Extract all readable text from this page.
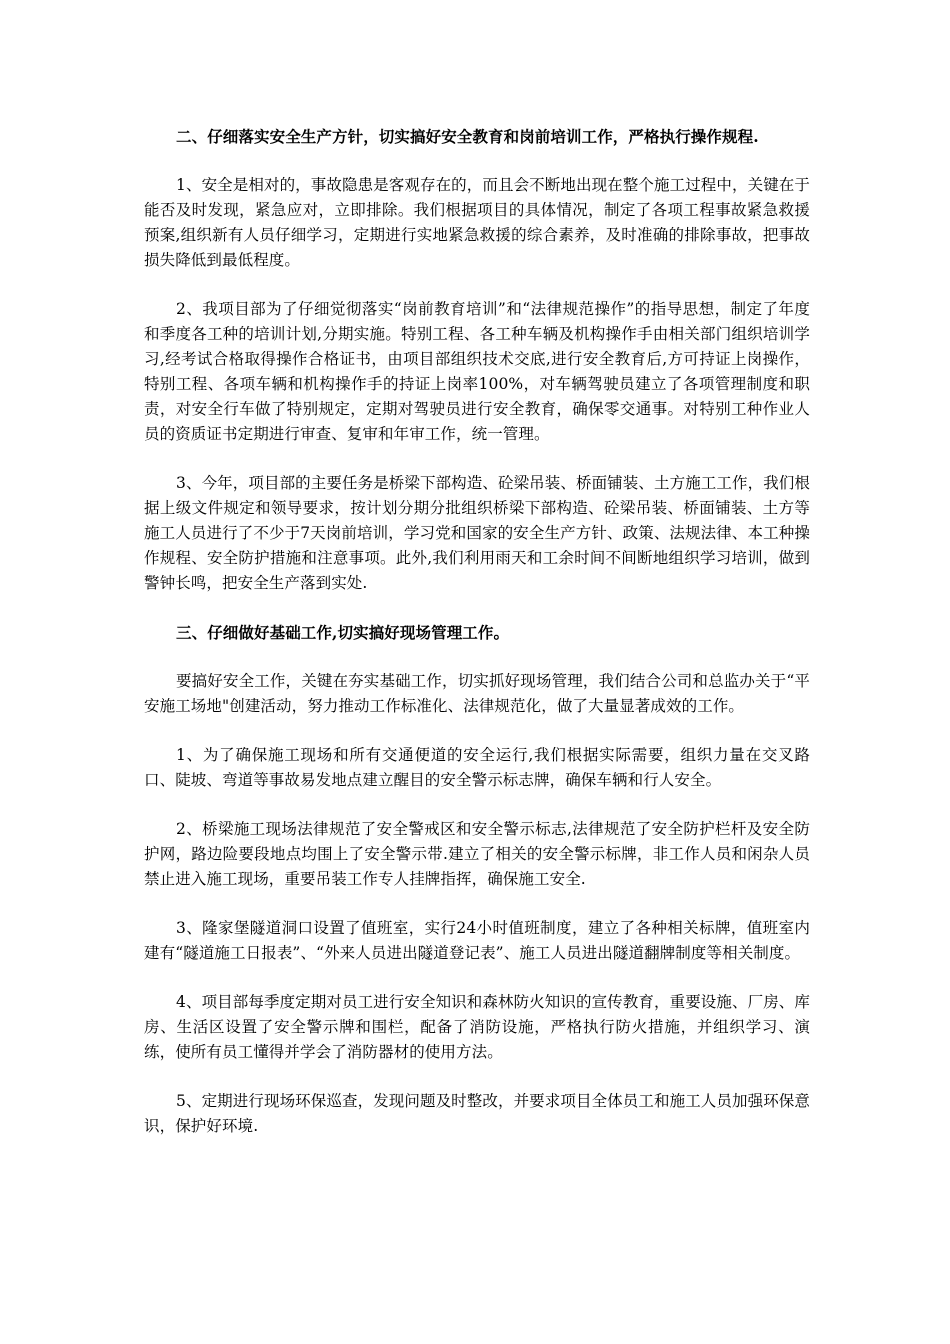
二、仔细落实安全生产方针，切实搞好安全教育和岗前培训工作，严格执行操作规程.

1、安全是相对的，事故隐患是客观存在的，而且会不断地出现在整个施工过程中，关键在于能否及时发现，紧急应对，立即排除。我们根据项目的具体情况，制定了各项工程事故紧急救援预案,组织新有人员仔细学习，定期进行实地紧急救援的综合素养，及时准确的排除事故，把事故损失降低到最低程度。

2、我项目部为了仔细觉彻落实“岗前教育培训”和“法律规范操作”的指导思想，制定了年度和季度各工种的培训计划,分期实施。特别工程、各工种车辆及机构操作手由相关部门组织培训学习,经考试合格取得操作合格证书，由项目部组织技术交底,进行安全教育后,方可持证上岗操作，特别工程、各项车辆和机构操作手的持证上岗率100%，对车辆驾驶员建立了各项管理制度和职责，对安全行车做了特别规定，定期对驾驶员进行安全教育，确保零交通事。对特别工种作业人员的资质证书定期进行审查、复审和年审工作，统一管理。

3、今年，项目部的主要任务是桥梁下部构造、砼梁吊装、桥面铺装、土方施工工作，我们根据上级文件规定和领导要求，按计划分期分批组织桥梁下部构造、砼梁吊装、桥面铺装、土方等施工人员进行了不少于7天岗前培训，学习党和国家的安全生产方针、政策、法规法律、本工种操作规程、安全防护措施和注意事项。此外,我们利用雨天和工余时间不间断地组织学习培训，做到警钟长鸣，把安全生产落到实处.

三、仔细做好基础工作,切实搞好现场管理工作。

要搞好安全工作，关键在夯实基础工作，切实抓好现场管理，我们结合公司和总监办关于“平安施工场地"创建活动，努力推动工作标准化、法律规范化，做了大量显著成效的工作。

1、为了确保施工现场和所有交通便道的安全运行,我们根据实际需要，组织力量在交叉路口、陡坡、弯道等事故易发地点建立醒目的安全警示标志牌，确保车辆和行人安全。

2、桥梁施工现场法律规范了安全警戒区和安全警示标志,法律规范了安全防护栏杆及安全防护网，路边险要段地点均围上了安全警示带.建立了相关的安全警示标牌，非工作人员和闲杂人员禁止进入施工现场，重要吊装工作专人挂牌指挥，确保施工安全.

3、隆家堡隧道洞口设置了值班室，实行24小时值班制度，建立了各种相关标牌，值班室内建有“隧道施工日报表”、“外来人员进出隧道登记表”、施工人员进出隧道翻牌制度等相关制度。

4、项目部每季度定期对员工进行安全知识和森林防火知识的宣传教育，重要设施、厂房、库房、生活区设置了安全警示牌和围栏，配备了消防设施，严格执行防火措施，并组织学习、演练，使所有员工懂得并学会了消防器材的使用方法。

5、定期进行现场环保巡查，发现问题及时整改，并要求项目全体员工和施工人员加强环保意识，保护好环境.
